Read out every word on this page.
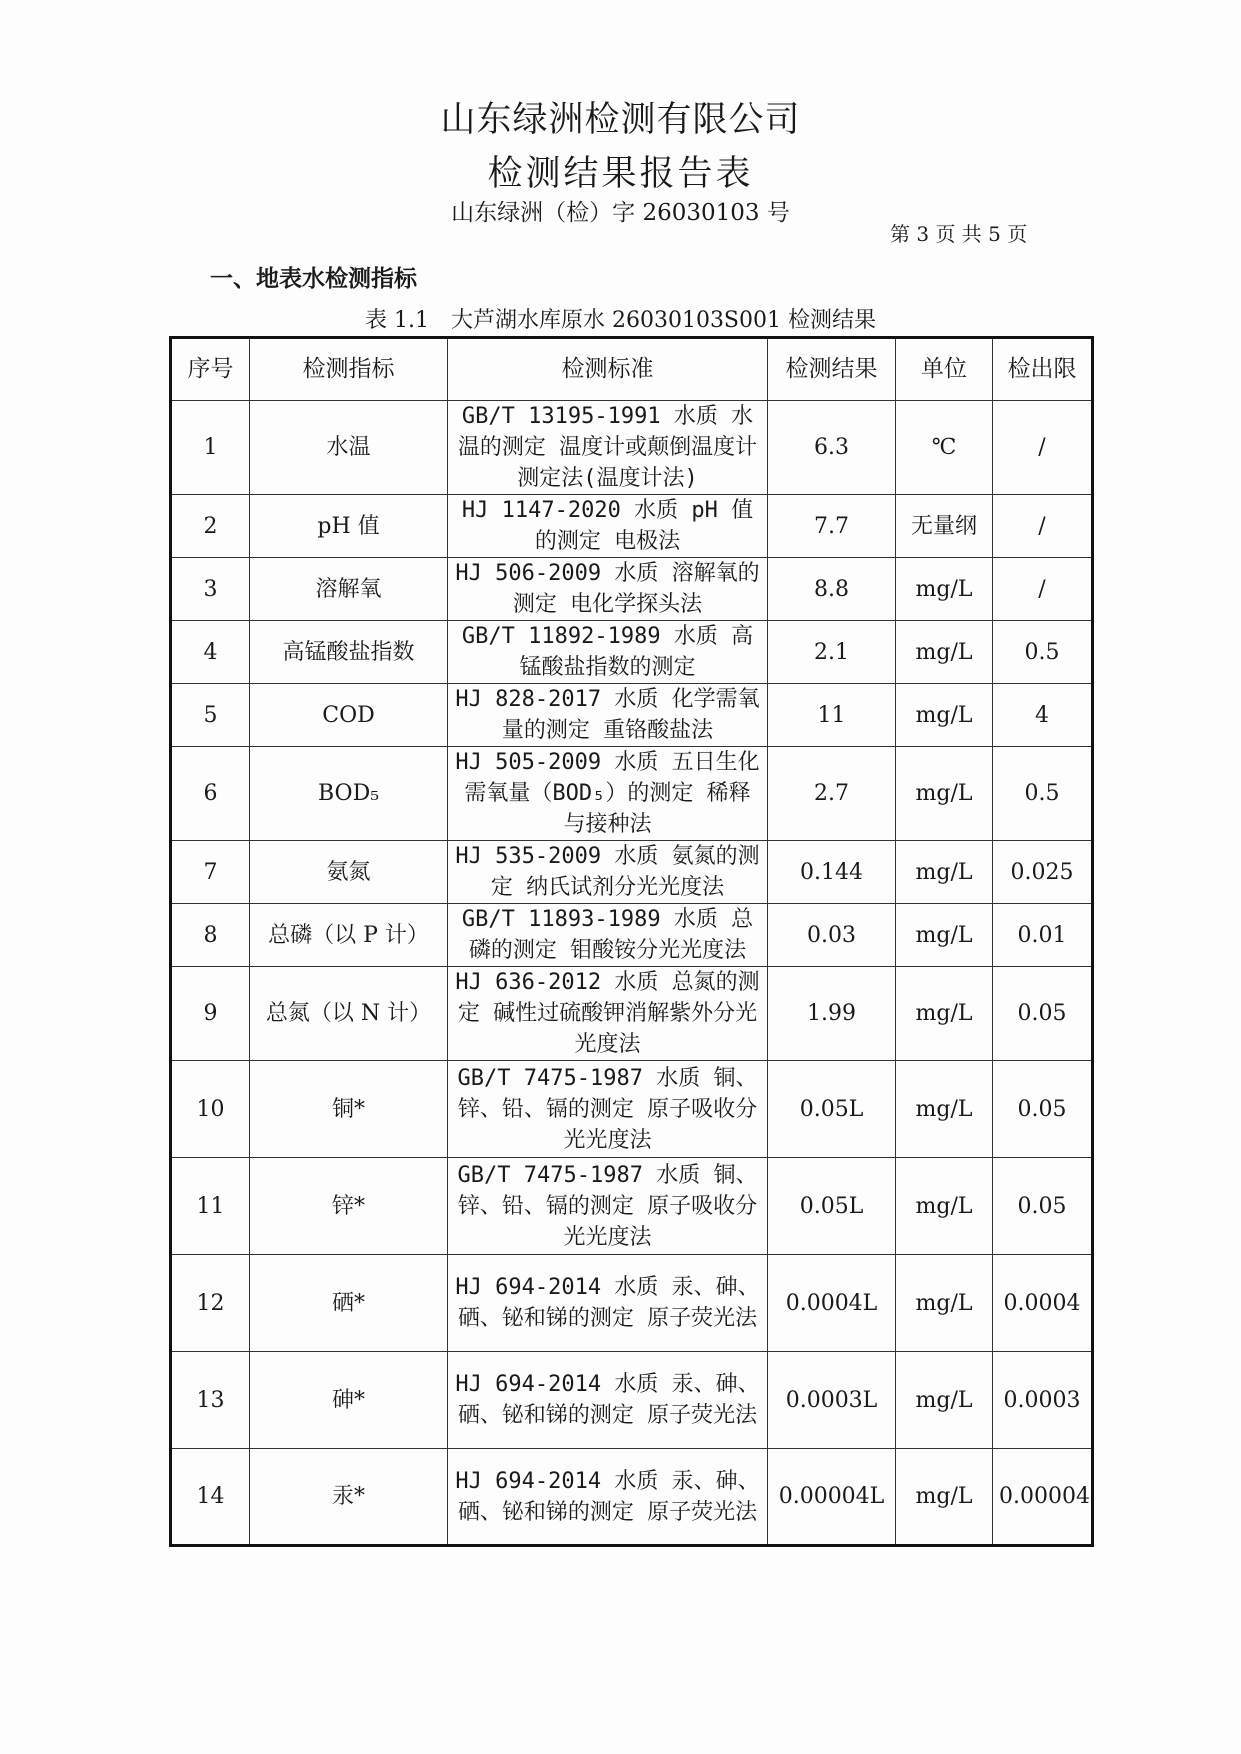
山东绿洲检测有限公司
检测结果报告表
山东绿洲（检）字 26030103 号
第 3 页 共 5 页
一、地表水检测指标
表 1.1　大芦湖水库原水 26030103S001 检测结果
序号	检测指标	检测标准	检测结果	单位	检出限
1	水温	GB/T 13195-1991 水质 水温的测定 温度计或颠倒温度计测定法(温度计法)	6.3	℃	/
2	pH 值	HJ 1147-2020 水质 pH 值的测定 电极法	7.7	无量纲	/
3	溶解氧	HJ 506-2009 水质 溶解氧的测定 电化学探头法	8.8	mg/L	/
4	高锰酸盐指数	GB/T 11892-1989 水质 高锰酸盐指数的测定	2.1	mg/L	0.5
5	COD	HJ 828-2017 水质 化学需氧量的测定 重铬酸盐法	11	mg/L	4
6	BOD₅	HJ 505-2009 水质 五日生化需氧量（BOD₅）的测定 稀释与接种法	2.7	mg/L	0.5
7	氨氮	HJ 535-2009 水质 氨氮的测定 纳氏试剂分光光度法	0.144	mg/L	0.025
8	总磷（以 P 计）	GB/T 11893-1989 水质 总磷的测定 钼酸铵分光光度法	0.03	mg/L	0.01
9	总氮（以 N 计）	HJ 636-2012 水质 总氮的测定 碱性过硫酸钾消解紫外分光光度法	1.99	mg/L	0.05
10	铜*	GB/T 7475-1987 水质 铜、锌、铅、镉的测定 原子吸收分光光度法	0.05L	mg/L	0.05
11	锌*	GB/T 7475-1987 水质 铜、锌、铅、镉的测定 原子吸收分光光度法	0.05L	mg/L	0.05
12	硒*	HJ 694-2014 水质 汞、砷、硒、铋和锑的测定 原子荧光法	0.0004L	mg/L	0.0004
13	砷*	HJ 694-2014 水质 汞、砷、硒、铋和锑的测定 原子荧光法	0.0003L	mg/L	0.0003
14	汞*	HJ 694-2014 水质 汞、砷、硒、铋和锑的测定 原子荧光法	0.00004L	mg/L	0.00004
